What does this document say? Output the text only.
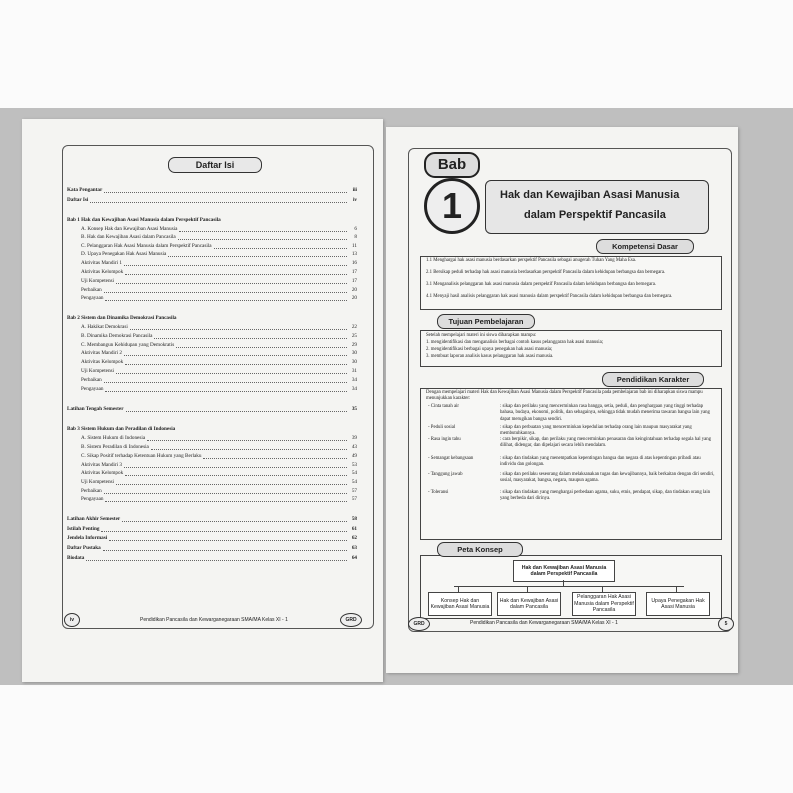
Daftar Isi
Kata Pengantar	iii
Daftar Isi	iv
Bab 1 Hak dan Kewajiban Asasi Manusia dalam Perspektif Pancasila
A. Konsep Hak dan Kewajiban Asasi Manusia	6
B. Hak dan Kewajiban Asasi dalam Pancasila	8
C. Pelanggaran Hak Asasi Manusia dalam Perspektif Pancasila	11
D. Upaya Penegakan Hak Asasi Manusia	13
Aktivitas Mandiri 1	16
Aktivitas Kelompok	17
Uji Kompetensi	17
Perbaikan	20
Pengayaan	20
Bab 2 Sistem dan Dinamika Demokrasi Pancasila
A. Hakikat Demokrasi	22
B. Dinamika Demokrasi Pancasila	25
C. Membangun Kehidupan yang Demokratis	29
Aktivitas Mandiri 2	30
Aktivitas Kelompok	30
Uji Kompetensi	31
Perbaikan	34
Pengayaan	34
Latihan Tengah Semester	35
Bab 3 Sistem Hukum dan Peradilan di Indonesia
A. Sistem Hukum di Indonesia	39
B. Sistem Peradilan di Indonesia	43
C. Sikap Positif terhadap Ketentuan Hukum yang Berlaku	49
Aktivitas Mandiri 3	53
Aktivitas Kelompok	54
Uji Kompetensi	54
Perbaikan	57
Pengayaan	57
Latihan Akhir Semester	58
Istilah Penting	61
Jendela Informasi	62
Daftar Pustaka	63
Biodata	64
iv	Pendidikan Pancasila dan Kewarganegaraan SMA/MA Kelas XI - 1	GRD
Bab
1	Hak dan Kewajiban Asasi Manusia
dalam Perspektif Pancasila
Kompetensi Dasar
1.1 Menghargai hak asasi manusia berdasarkan perspektif Pancasila sebagai anugerah Tuhan Yang Maha Esa.
2.1 Bersikap peduli terhadap hak asasi manusia berdasarkan perspektif Pancasila dalam kehidupan berbangsa dan bernegara.
3.1 Menganalisis pelanggaran hak asasi manusia dalam perspektif Pancasila dalam kehidupan berbangsa dan bernegara.
4.1 Menyaji hasil analisis pelanggaran hak asasi manusia dalam perspektif Pancasila dalam kehidupan berbangsa dan bernegara.
Tujuan Pembelajaran
Setelah mempelajari materi ini siswa diharapkan mampu:
1. mengidentifikasi dan menganalisis berbagai contoh kasus pelanggaran hak asasi manusia;
2. mengidentifikasi berbagai upaya penegakan hak asasi manusia;
3. membuat laporan analisis kasus pelanggaran hak asasi manusia.
Pendidikan Karakter
Dengan mempelajari materi Hak dan Kewajiban Asasi Manusia dalam Perspektif Pancasila pada pembelajaran bab ini diharapkan siswa mampu menunjukkan karakter:
- Cinta tanah air	: sikap dan perilaku yang mencerminkan rasa bangga, setia, peduli, dan penghargaan yang tinggi terhadap bahasa, budaya, ekonomi, politik, dan sebagainya, sehingga tidak mudah menerima tawaran bangsa lain yang dapat merugikan bangsa sendiri.
- Peduli sosial	: sikap dan perbuatan yang mencerminkan kepedulian terhadap orang lain maupun masyarakat yang membutuhkannya.
- Rasa ingin tahu	: cara berpikir, sikap, dan perilaku yang mencerminkan penasaran dan keingintahuan terhadap segala hal yang dilihat, didengar, dan dipelajari secara lebih mendalam.
- Semangat kebangsaan	: sikap dan tindakan yang menempatkan kepentingan bangsa dan negara di atas kepentingan pribadi atau individu dan golongan.
- Tanggung jawab	: sikap dan perilaku seseorang dalam melaksanakan tugas dan kewajibannya, baik berkaitan dengan diri sendiri, sosial, masyarakat, bangsa, negara, maupun agama.
- Toleransi	: sikap dan tindakan yang menghargai perbedaan agama, suku, etnis, pendapat, sikap, dan tindakan orang lain yang berbeda dari dirinya.
Peta Konsep
Hak dan Kewajiban Asasi Manusia dalam Perspektif Pancasila
Konsep Hak dan Kewajiban Asasi Manusia
Hak dan Kewajiban Asasi dalam Pancasila
Pelanggaran Hak Asasi Manusia dalam Perspektif Pancasila
Upaya Penegakan Hak Asasi Manusia
GRD	Pendidikan Pancasila dan Kewarganegaraan SMA/MA Kelas XI - 1	5
